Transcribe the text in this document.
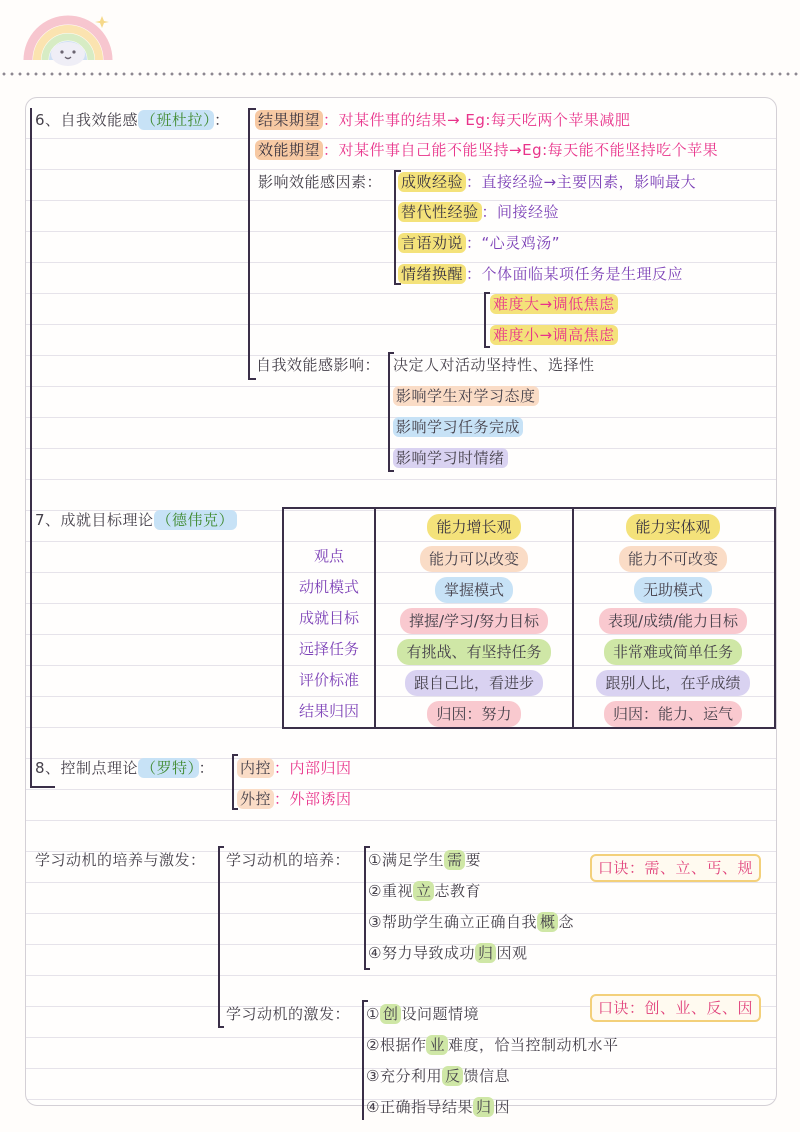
6、自我效能感 （班杜拉） ： 结果期望 ：对某件事的结果→ Eg:每天吃两个苹果减肥
效能期望 ：对某件事自己能不能坚持→Eg:每天能不能坚持吃个苹果
影响效能感因素： 成败经验 ：直接经验→主要因素，影响最大
替代性经验 ：间接经验
言语劝说 ：“心灵鸡汤”
情绪换醒 ：个体面临某项任务是生理反应
难度大→调低焦虑
难度小→调高焦虑
自我效能感影响： 决定人对活动坚持性、选择性
影响学生对学习态度
影响学习任务完成
影响学习时情绪
7、成就目标理论 （德伟克）	能力增长观	能力实体观
观点	能力可以改变	能力不可改变
动机模式	掌握模式	无助模式
成就目标	撑握/学习/努力目标	表现/成绩/能力目标
远择任务	有挑战、有坚持任务	非常难或简单任务
评价标准	跟自己比，看进步	跟别人比，在乎成绩
结果归因	归因：努力	归因：能力、运气
8、控制点理论 （罗特） ： 内控 ：内部归因
外控 ：外部诱因
学习动机的培养与激发： 学习动机的培养： ①满足学生 需 要
②重视 立 志教育
③帮助学生确立正确自我 概 念
④努力导致成功 归 因观
口诀：需、立、丐、规
学习动机的激发： ① 创 设问题情境
②根据作 业 难度，恰当控制动机水平
③充分利用 反 馈信息
④正确指导结果 归 因
口诀：创、业、反、因
